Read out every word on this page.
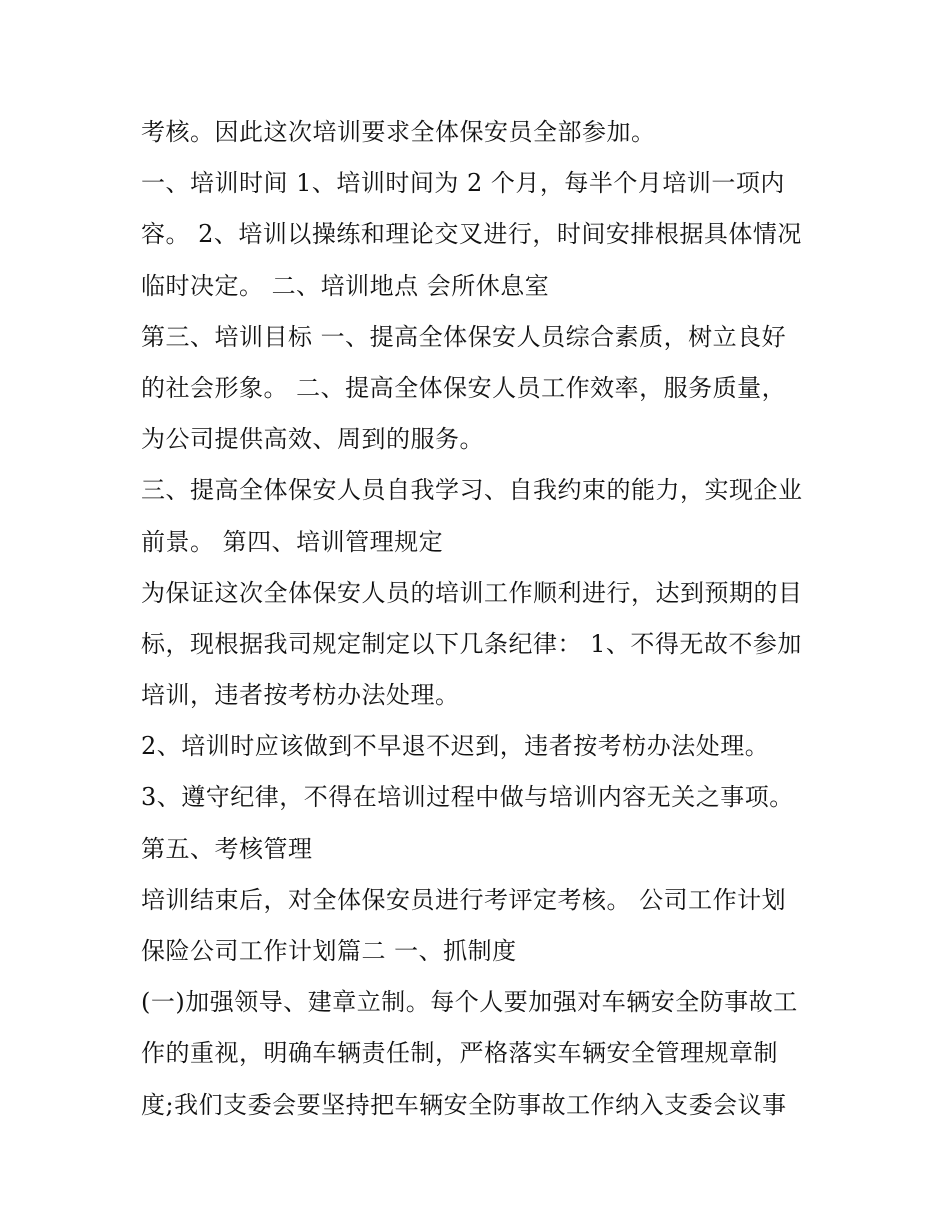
考核。因此这次培训要求全体保安员全部参加。
一、培训时间 1、培训时间为 2 个月，每半个月培训一项内
容。 2、培训以操练和理论交叉进行，时间安排根据具体情况
临时决定。 二、培训地点 会所休息室
第三、培训目标 一、提高全体保安人员综合素质，树立良好
的社会形象。 二、提高全体保安人员工作效率，服务质量，
为公司提供高效、周到的服务。
三、提高全体保安人员自我学习、自我约束的能力，实现企业
前景。 第四、培训管理规定
为保证这次全体保安人员的培训工作顺利进行，达到预期的目
标，现根据我司规定制定以下几条纪律： 1、不得无故不参加
培训，违者按考枋办法处理。
2、培训时应该做到不早退不迟到，违者按考枋办法处理。
3、遵守纪律，不得在培训过程中做与培训内容无关之事项。
第五、考核管理
培训结束后，对全体保安员进行考评定考核。 公司工作计划
保险公司工作计划篇二 一、抓制度
(一)加强领导、建章立制。每个人要加强对车辆安全防事故工
作的重视，明确车辆责任制，严格落实车辆安全管理规章制
度;我们支委会要坚持把车辆安全防事故工作纳入支委会议事
